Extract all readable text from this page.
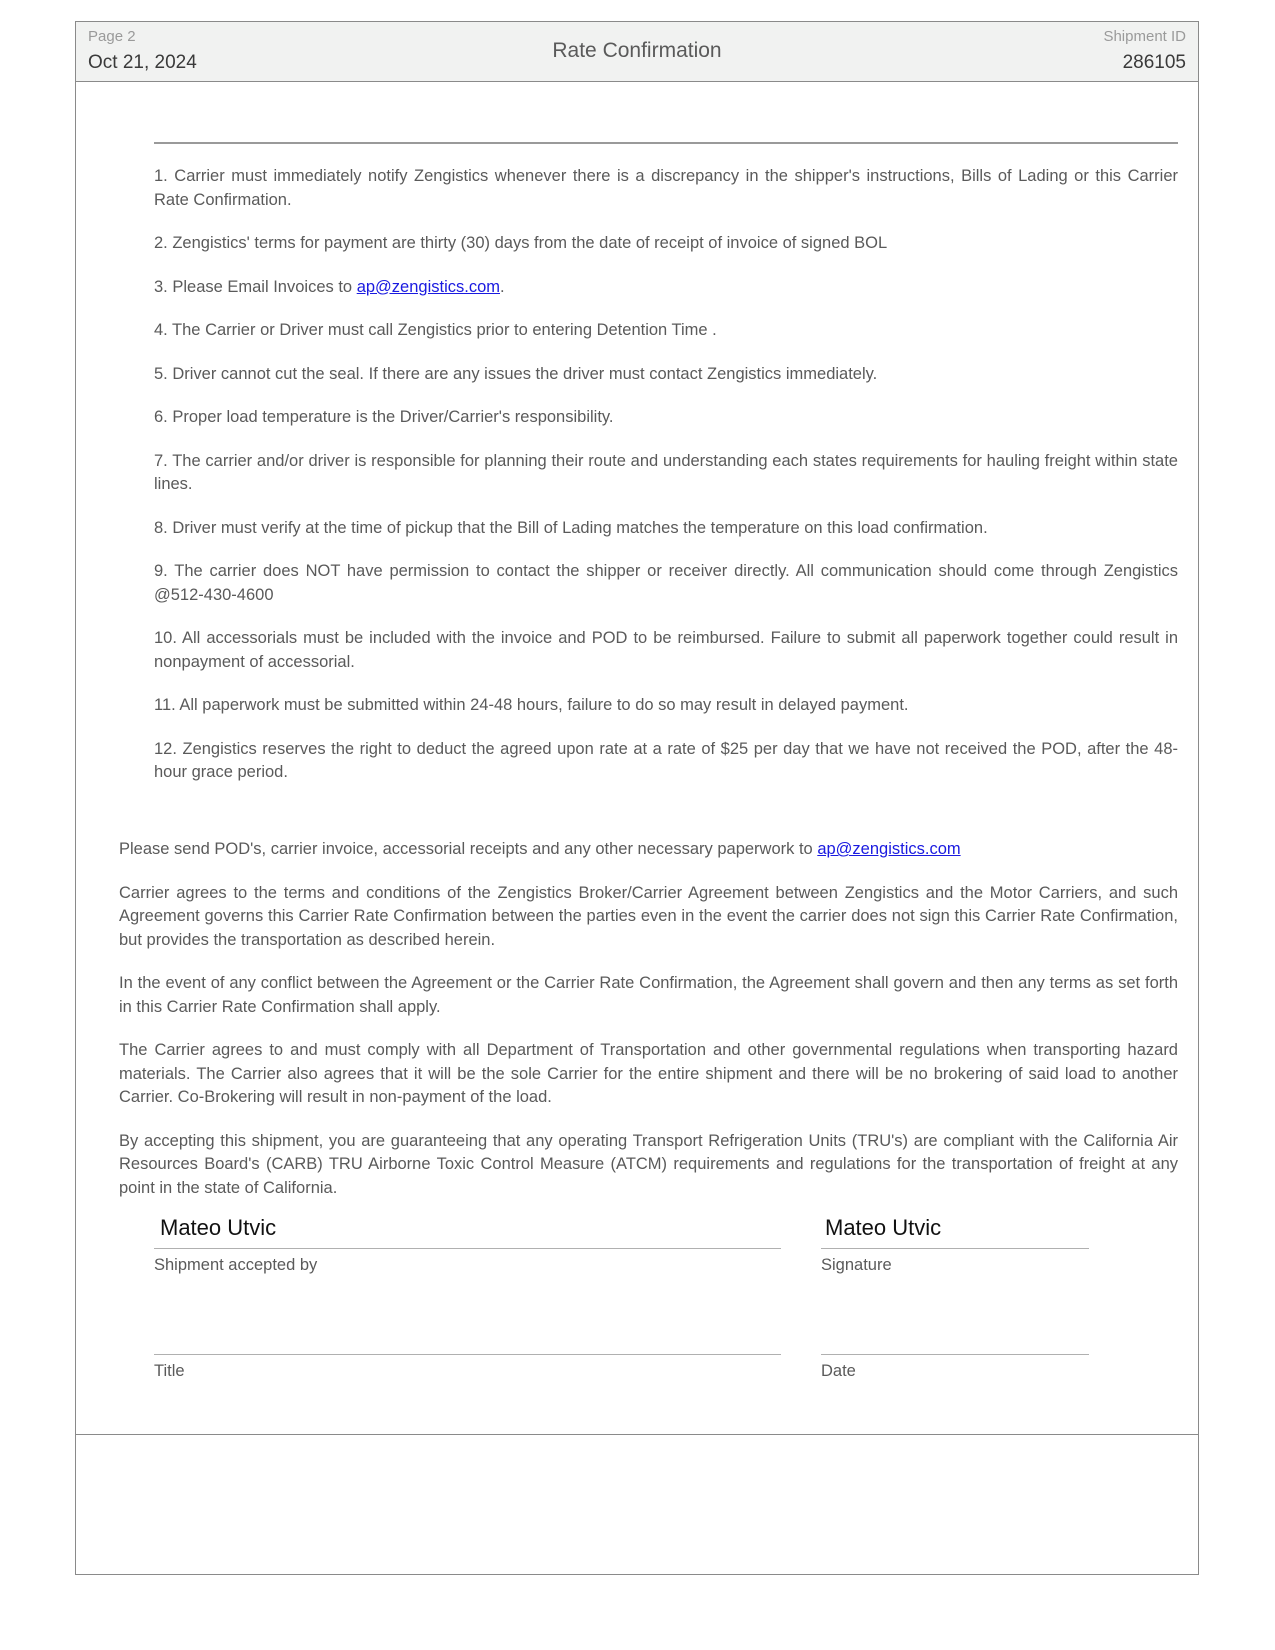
Page 2
Oct 21, 2024
Rate Confirmation
Shipment ID
286105

1. Carrier must immediately notify Zengistics whenever there is a discrepancy in the shipper's instructions, Bills of Lading or this Carrier Rate Confirmation.

2. Zengistics' terms for payment are thirty (30) days from the date of receipt of invoice of signed BOL

3. Please Email Invoices to ap@zengistics.com.

4. The Carrier or Driver must call Zengistics prior to entering Detention Time .

5. Driver cannot cut the seal. If there are any issues the driver must contact Zengistics immediately.

6. Proper load temperature is the Driver/Carrier's responsibility.

7. The carrier and/or driver is responsible for planning their route and understanding each states requirements for hauling freight within state lines.

8. Driver must verify at the time of pickup that the Bill of Lading matches the temperature on this load confirmation.

9. The carrier does NOT have permission to contact the shipper or receiver directly. All communication should come through Zengistics @512-430-4600

10. All accessorials must be included with the invoice and POD to be reimbursed. Failure to submit all paperwork together could result in nonpayment of accessorial.

11. All paperwork must be submitted within 24-48 hours, failure to do so may result in delayed payment.

12. Zengistics reserves the right to deduct the agreed upon rate at a rate of $25 per day that we have not received the POD, after the 48-hour grace period.

Please send POD's, carrier invoice, accessorial receipts and any other necessary paperwork to ap@zengistics.com

Carrier agrees to the terms and conditions of the Zengistics Broker/Carrier Agreement between Zengistics and the Motor Carriers, and such Agreement governs this Carrier Rate Confirmation between the parties even in the event the carrier does not sign this Carrier Rate Confirmation, but provides the transportation as described herein.

In the event of any conflict between the Agreement or the Carrier Rate Confirmation, the Agreement shall govern and then any terms as set forth in this Carrier Rate Confirmation shall apply.

The Carrier agrees to and must comply with all Department of Transportation and other governmental regulations when transporting hazard materials. The Carrier also agrees that it will be the sole Carrier for the entire shipment and there will be no brokering of said load to another Carrier. Co-Brokering will result in non-payment of the load.

By accepting this shipment, you are guaranteeing that any operating Transport Refrigeration Units (TRU's) are compliant with the California Air Resources Board's (CARB) TRU Airborne Toxic Control Measure (ATCM) requirements and regulations for the transportation of freight at any point in the state of California.

Mateo Utvic
Shipment accepted by
Mateo Utvic
Signature
Title	Date
